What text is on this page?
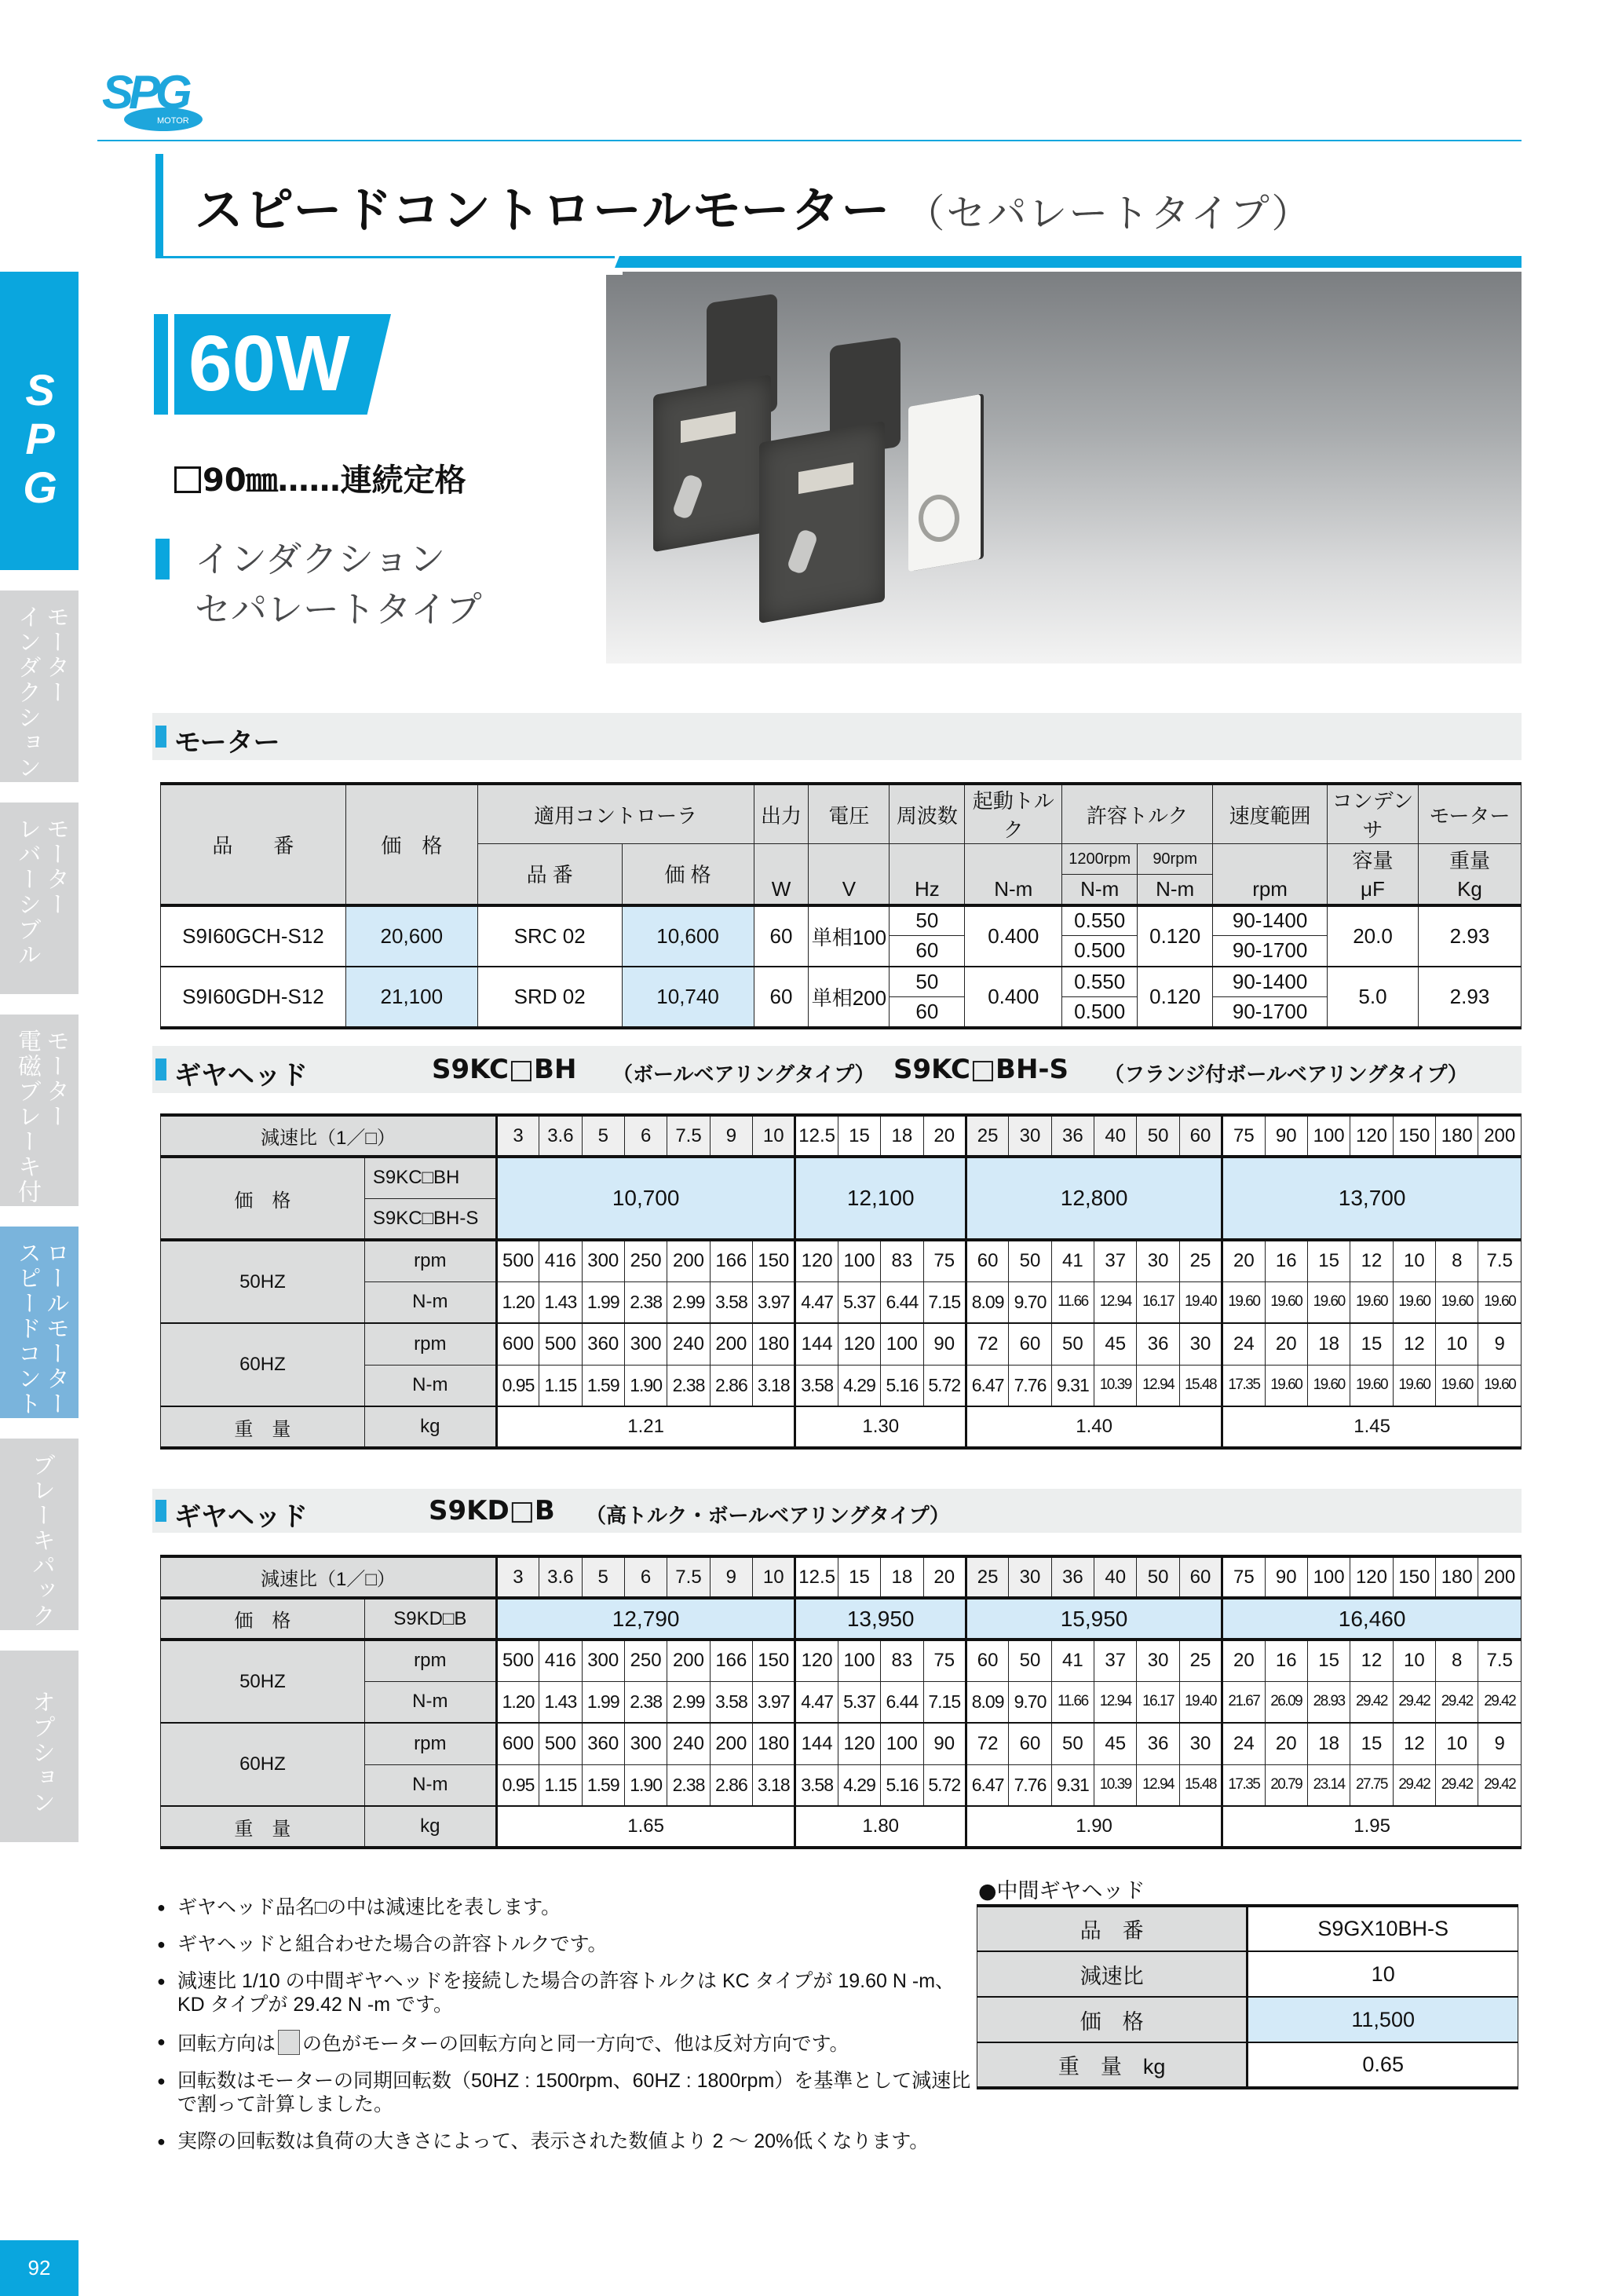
MOTOR
SPG
スピードコントロールモーター （セパレートタイプ）
60W
90㎜……連続定格
インダクション
セパレートタイプ
S
P
G
モーター
インダクション
モーター
レバーシブル
モーター
電磁ブレーキ付
ロールモーター
スピードコント
ブレーキパック
オプション
モーター
品　　番	価　格	適用コントローラ		出力	電圧	周波数	起動トルク	許容トルク		速度範囲	コンデンサ	モーター
		品 番	価 格					1200rpm	90rpm		容量	重量
				W	V	Hz	N-m	N-m	N-m	rpm	μF	Kg
S9I60GCH-S12	20,600	SRC 02	10,600	60	単相100	50	0.400	0.550	0.120	90-1400	20.0	2.93
						60		0.500		90-1700		
S9I60GDH-S12	21,100	SRD 02	10,740	60	単相200	50	0.400	0.550	0.120	90-1400	5.0	2.93
						60		0.500		90-1700		
ギヤヘッド	S9KC□BH （ボールベアリングタイプ） S9KC□BH-S （フランジ付ボールベアリングタイプ）
減速比（1／□）		3	3.6	5	6	7.5	9	10	12.5	15	18	20	25	30	36	40	50	60	75	90	100	120	150	180	200
価　格	S9KC□BH	10,700							12,100				12,800						13,700						
	S9KC□BH-S																								
50HZ	rpm	500	416	300	250	200	166	150	120	100	83	75	60	50	41	37	30	25	20	16	15	12	10	8	7.5
	N-m	1.20	1.43	1.99	2.38	2.99	3.58	3.97	4.47	5.37	6.44	7.15	8.09	9.70	11.66	12.94	16.17	19.40	19.60	19.60	19.60	19.60	19.60	19.60	19.60
60HZ	rpm	600	500	360	300	240	200	180	144	120	100	90	72	60	50	45	36	30	24	20	18	15	12	10	9
	N-m	0.95	1.15	1.59	1.90	2.38	2.86	3.18	3.58	4.29	5.16	5.72	6.47	7.76	9.31	10.39	12.94	15.48	17.35	19.60	19.60	19.60	19.60	19.60	19.60
重　量	kg	1.21							1.30				1.40						1.45						
ギヤヘッド	S9KD□B （高トルク・ボールベアリングタイプ）
減速比（1／□）		3	3.6	5	6	7.5	9	10	12.5	15	18	20	25	30	36	40	50	60	75	90	100	120	150	180	200
価　格	S9KD□B	12,790							13,950				15,950						16,460						
50HZ	rpm	500	416	300	250	200	166	150	120	100	83	75	60	50	41	37	30	25	20	16	15	12	10	8	7.5
	N-m	1.20	1.43	1.99	2.38	2.99	3.58	3.97	4.47	5.37	6.44	7.15	8.09	9.70	11.66	12.94	16.17	19.40	21.67	26.09	28.93	29.42	29.42	29.42	29.42
60HZ	rpm	600	500	360	300	240	200	180	144	120	100	90	72	60	50	45	36	30	24	20	18	15	12	10	9
	N-m	0.95	1.15	1.59	1.90	2.38	2.86	3.18	3.58	4.29	5.16	5.72	6.47	7.76	9.31	10.39	12.94	15.48	17.35	20.79	23.14	27.75	29.42	29.42	29.42
重　量	kg	1.65							1.80				1.90						1.95						
● ギヤヘッド品名□の中は減速比を表します。
● ギヤヘッドと組合わせた場合の許容トルクです。
● 減速比 1/10 の中間ギヤヘッドを接続した場合の許容トルクは KC タイプが 19.60 N -m、KD タイプが 29.42 N -m です。
● 回転方向は の色がモーターの回転方向と同一方向で、他は反対方向です。
● 回転数はモーターの同期回転数（50HZ : 1500rpm、60HZ : 1800rpm）を基準として減速比で割って計算しました。
● 実際の回転数は負荷の大きさによって、表示された数値より 2 ～ 20%低くなります。
●中間ギヤヘッド
品　番	S9GX10BH-S
減速比	10
価　格	11,500
重　量　kg	0.65
92
